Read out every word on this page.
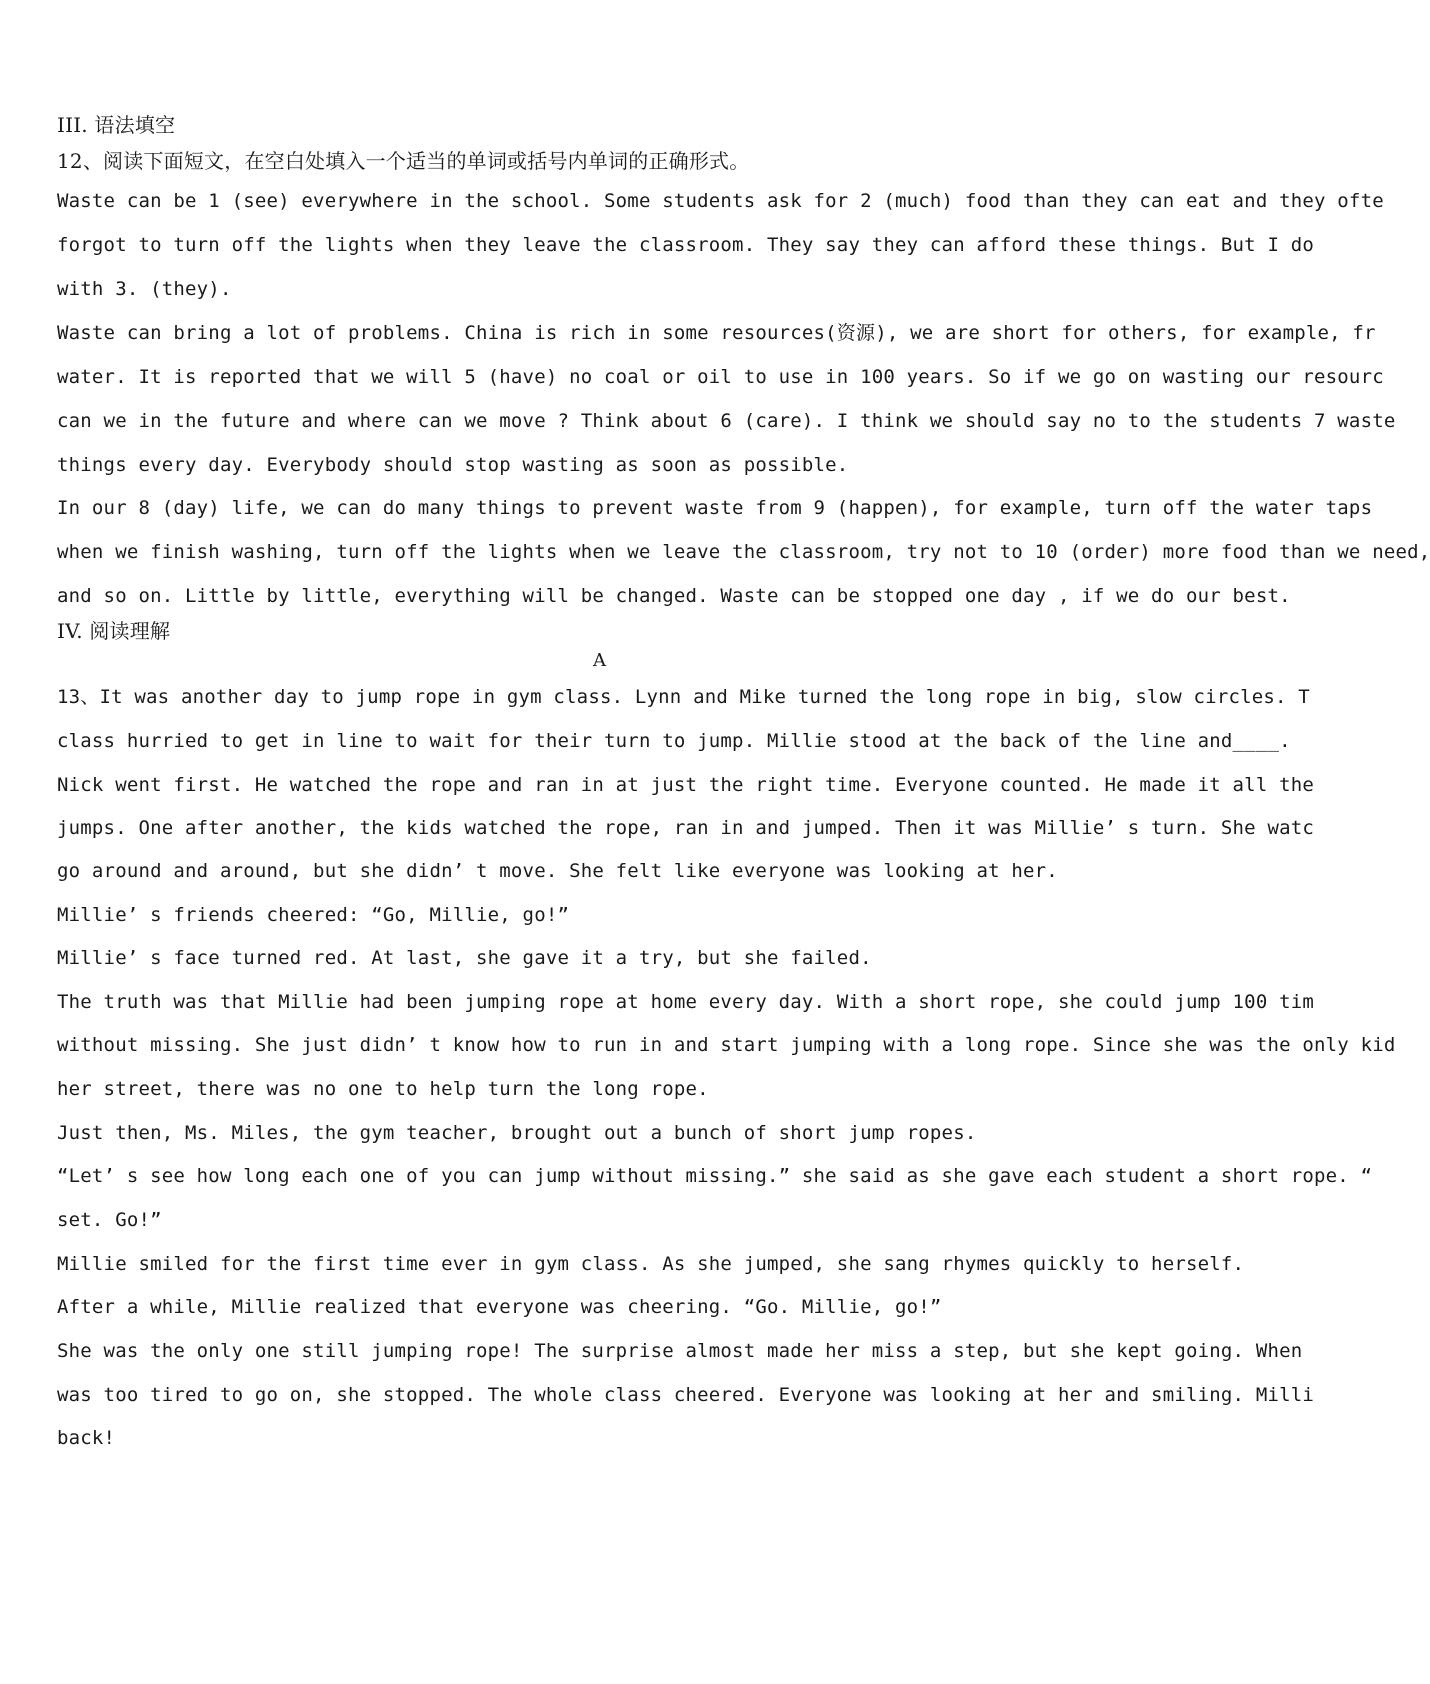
III. 语法填空
12、阅读下面短文，在空白处填入一个适当的单词或括号内单词的正确形式。
Waste can be 1 (see) everywhere in the school. Some students ask for 2 (much) food than they can eat and they ofte
forgot to turn off the lights when they leave the classroom. They say they can afford these things. But I do
with 3. (they).
Waste can bring a lot of problems. China is rich in some resources(资源), we are short for others, for example, fr
water. It is reported that we will 5 (have) no coal or oil to use in 100 years. So if we go on wasting our resourc
can we in the future and where can we move ? Think about 6 (care). I think we should say no to the students 7 waste
things every day. Everybody should stop wasting as soon as possible.
In our 8 (day) life, we can do many things to prevent waste from 9 (happen), for example, turn off the water taps
when we finish washing, turn off the lights when we leave the classroom, try not to 10 (order) more food than we need,
and so on. Little by little, everything will be changed. Waste can be stopped one day , if we do our best.
IV. 阅读理解
A
13、It was another day to jump rope in gym class. Lynn and Mike turned the long rope in big, slow circles. T
class hurried to get in line to wait for their turn to jump. Millie stood at the back of the line and____.
Nick went first. He watched the rope and ran in at just the right time. Everyone counted. He made it all the
jumps. One after another, the kids watched the rope, ran in and jumped. Then it was Millie’ s turn. She watc
go around and around, but she didn’ t move. She felt like everyone was looking at her.
Millie’ s friends cheered: “Go, Millie, go!”
Millie’ s face turned red. At last, she gave it a try, but she failed.
The truth was that Millie had been jumping rope at home every day. With a short rope, she could jump 100 tim
without missing. She just didn’ t know how to run in and start jumping with a long rope. Since she was the only kid
her street, there was no one to help turn the long rope.
Just then, Ms. Miles, the gym teacher, brought out a bunch of short jump ropes.
“Let’ s see how long each one of you can jump without missing.” she said as she gave each student a short rope. “
set. Go!”
Millie smiled for the first time ever in gym class. As she jumped, she sang rhymes quickly to herself.
After a while, Millie realized that everyone was cheering. “Go. Millie, go!”
She was the only one still jumping rope! The surprise almost made her miss a step, but she kept going. When
was too tired to go on, she stopped. The whole class cheered. Everyone was looking at her and smiling. Milli
back!
